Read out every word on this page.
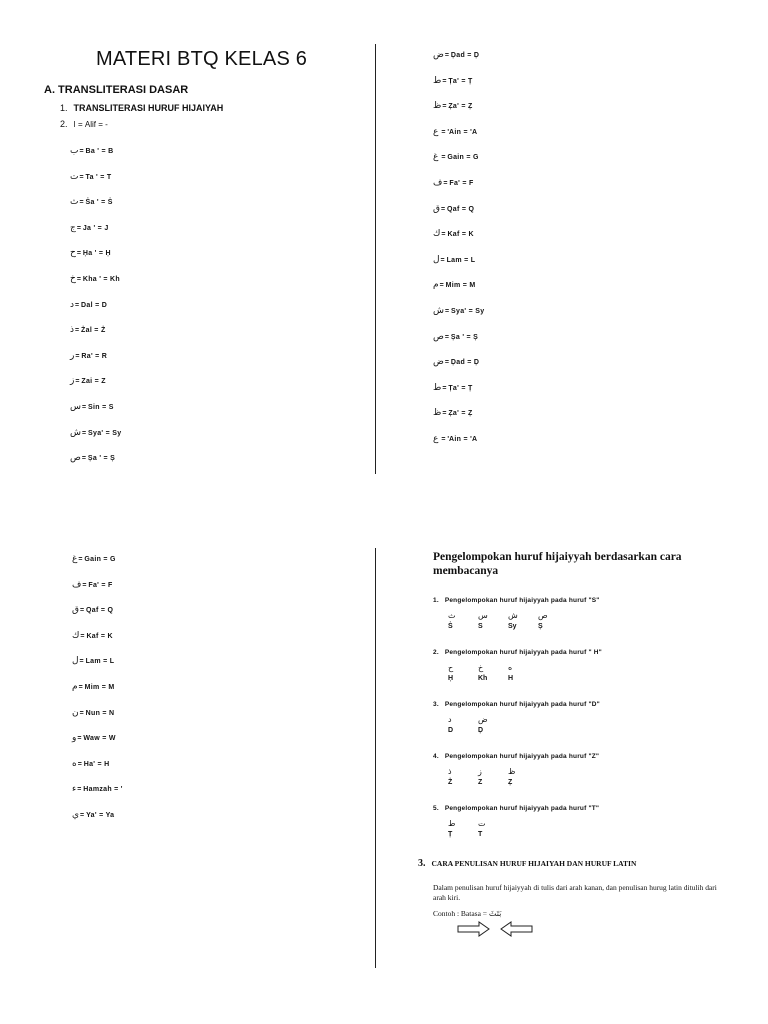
MATERI BTQ KELAS 6
A. TRANSLITERASI DASAR
1. TRANSLITERASI HURUF HIJAIYAH
2. ا = Alif = -
ب= Ba ' = B
ت= Ta ' = T
ث= Ṡa ' = Ṡ
ج= Ja ' = J
ح= Ḥa ' = Ḥ
خ= Kha ' = Kh
د= Dal = D
ذ= Żal = Ż
ر= Ra' = R
ز= Zai = Z
س= Sin = S
ش= Sya' = Sy
ص= Ṣa ' = Ṣ
ض= Ḍad = Ḍ
ط= Ṭa' = Ṭ
ظ= Ẓa' = Ẓ
ع = 'Ain = 'A
غ = Gain = G
ف= Fa' = F
ق= Qaf = Q
ك= Kaf = K
ل= Lam = L
م= Mim = M
ش= Sya' = Sy
ص= Ṣa ' = Ṣ
ض= Ḍad = Ḍ
ط= Ṭa' = Ṭ
ظ= Ẓa' = Ẓ
ع = 'Ain = 'A
غ= Gain = G
ف= Fa' = F
ق= Qaf = Q
ك= Kaf = K
ل= Lam = L
م= Mim = M
ن= Nun = N
و= Waw = W
ه= Ha' = H
ء= Hamzah = '
ي= Ya' = Ya
Pengelompokan huruf hijaiyyah berdasarkan cara membacanya
1. Pengelompokan huruf hijaiyyah pada huruf "S"
ث
Ṡ
س
S
ش
Sy
ص
Ṣ
2. Pengelompokan huruf hijaiyyah pada huruf " H"
ح
Ḥ
خ
Kh
ه
H
3. Pengelompokan huruf hijaiyyah pada huruf "D"
د
D
ض
Ḍ
4. Pengelompokan huruf hijaiyyah pada huruf "Z"
ذ
Ż
ز
Z
ظ
Ẓ
5. Pengelompokan huruf hijaiyyah pada huruf "T"
ط
Ṭ
ت
T
3. CARA PENULISAN HURUF HIJAIYAH DAN HURUF LATIN
Dalam penulisan huruf hijaiyyah di tulis dari arah kanan, dan penulisan hurug latin ditulih dari arah kiri.
Contoh : Batasa = بَتَثَ
